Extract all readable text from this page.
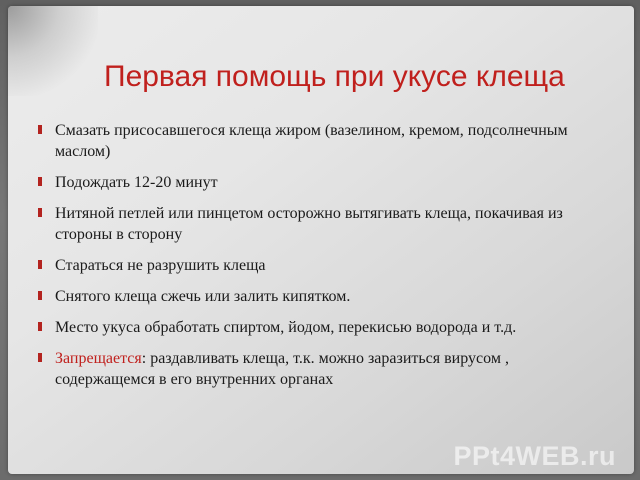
Первая помощь при укусе клеща
Смазать присосавшегося клеща жиром (вазелином, кремом, подсолнечным маслом)
Подождать 12-20 минут
Нитяной петлей или пинцетом осторожно вытягивать клеща, покачивая из стороны в сторону
Стараться не разрушить клеща
Снятого клеща сжечь или залить кипятком.
Место укуса обработать спиртом, йодом, перекисью водорода и т.д.
Запрещается: раздавливать клеща, т.к. можно заразиться вирусом , содержащемся в его внутренних органах
PPt4WEB.ru
